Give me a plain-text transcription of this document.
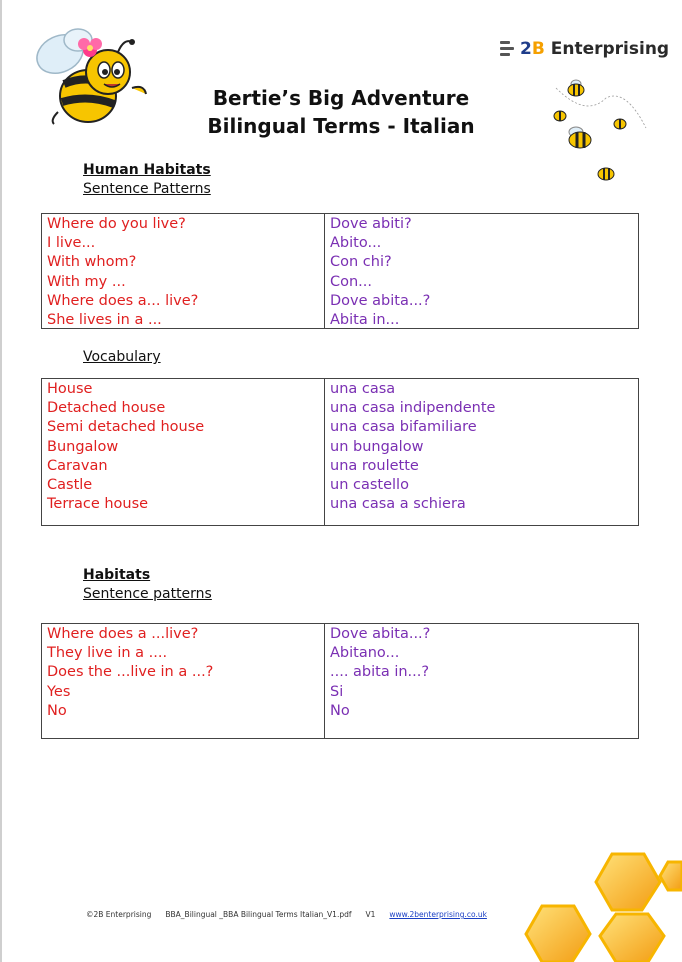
2B Enterprising
Bertie’s Big Adventure
Bilingual Terms - Italian
Human Habitats
Sentence Patterns
Where do you live?
I live...
With whom?
With my ...
Where does a... live?
She lives in a ...
Dove abiti?
Abito...
Con chi?
Con...
Dove abita...?
Abita in...
Vocabulary
House
Detached house
Semi detached house
Bungalow
Caravan
Castle
Terrace house
una casa
una casa indipendente
una casa bifamiliare
un bungalow
una roulette
un castello
una casa a schiera
Habitats
Sentence patterns
Where does a ...live?
They live in a ....
Does the ...live in a ...?
Yes
No
Dove abita...?
Abitano...
.... abita in...?
Si
No
©2B Enterprising BBA_Bilingual _BBA Bilingual Terms Italian_V1.pdf V1 www.2benterprising.co.uk
